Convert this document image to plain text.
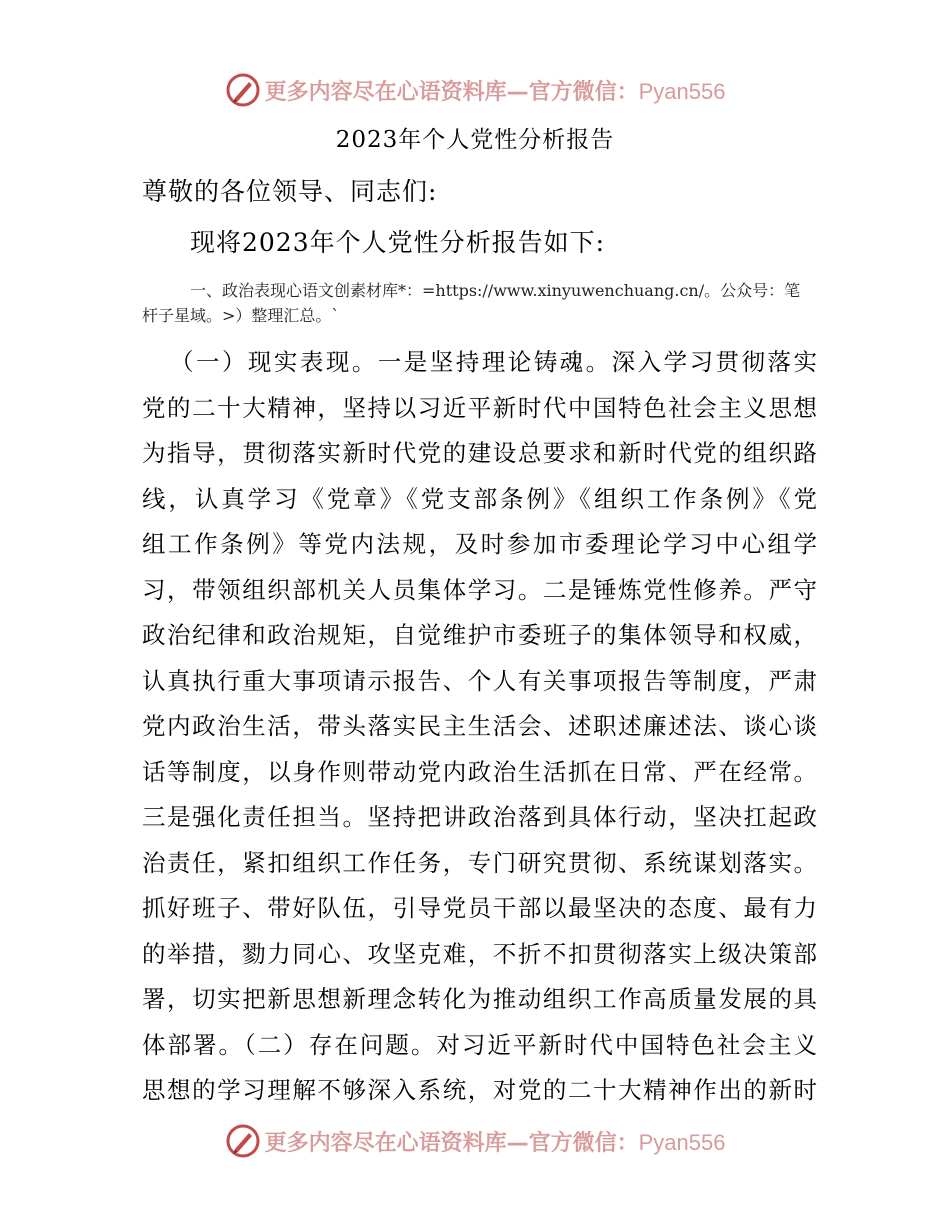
更多内容尽在心语资料库—官方微信：Pyan556
2023年个人党性分析报告
尊敬的各位领导、同志们:
现将2023年个人党性分析报告如下:
一、政治表现心语文创素材库*：=https://www.xinyuwenchuang.cn/。公众号：笔
杆子星域。>）整理汇总。`
（一）现实表现。一是坚持理论铸魂。深入学习贯彻落实
党的二十大精神，坚持以习近平新时代中国特色社会主义思想
为指导，贯彻落实新时代党的建设总要求和新时代党的组织路
线，认真学习《党章》《党支部条例》《组织工作条例》《党
组工作条例》等党内法规，及时参加市委理论学习中心组学
习，带领组织部机关人员集体学习。二是锤炼党性修养。严守
政治纪律和政治规矩，自觉维护市委班子的集体领导和权威，
认真执行重大事项请示报告、个人有关事项报告等制度，严肃
党内政治生活，带头落实民主生活会、述职述廉述法、谈心谈
话等制度，以身作则带动党内政治生活抓在日常、严在经常。
三是强化责任担当。坚持把讲政治落到具体行动，坚决扛起政
治责任，紧扣组织工作任务，专门研究贯彻、系统谋划落实。
抓好班子、带好队伍，引导党员干部以最坚决的态度、最有力
的举措，勠力同心、攻坚克难，不折不扣贯彻落实上级决策部
署，切实把新思想新理念转化为推动组织工作高质量发展的具
体部署。（二）存在问题。对习近平新时代中国特色社会主义
思想的学习理解不够深入系统，对党的二十大精神作出的新时
更多内容尽在心语资料库—官方微信：Pyan556
